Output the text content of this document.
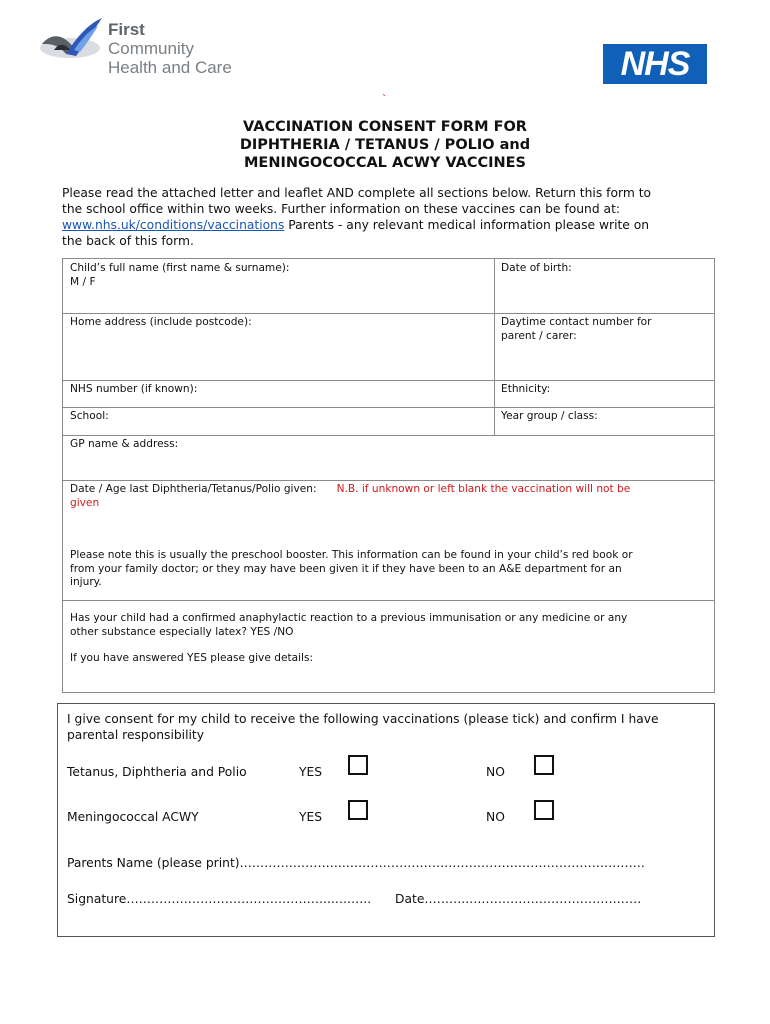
First
Community
Health and Care	NHS
`
VACCINATION CONSENT FORM FOR
DIPHTHERIA / TETANUS / POLIO and
MENINGOCOCCAL ACWY VACCINES
Please read the attached letter and leaflet AND complete all sections below. Return this form to
the school office within two weeks. Further information on these vaccines can be found at:
www.nhs.uk/conditions/vaccinations Parents - any relevant medical information please write on
the back of this form.
Child’s full name (first name & surname):
M / F
Date of birth:
Home address (include postcode):	Daytime contact number for
parent / carer:
NHS number (if known):	Ethnicity:
School:	Year group / class:
GP name & address:
Date / Age last Diphtheria/Tetanus/Polio given: N.B. if unknown or left blank the vaccination will not be
given
Please note this is usually the preschool booster. This information can be found in your child’s red book or
from your family doctor; or they may have been given it if they have been to an A&E department for an
injury.
Has your child had a confirmed anaphylactic reaction to a previous immunisation or any medicine or any
other substance especially latex? YES /NO
If you have answered YES please give details:
I give consent for my child to receive the following vaccinations (please tick) and confirm I have
parental responsibility
Tetanus, Diphtheria and Polio	YES	NO
Meningococcal ACWY	YES	NO
Parents Name (please print)……………………..……………………………………………………………….
Signature…………………………………………...….….. Date………..……………………………………
